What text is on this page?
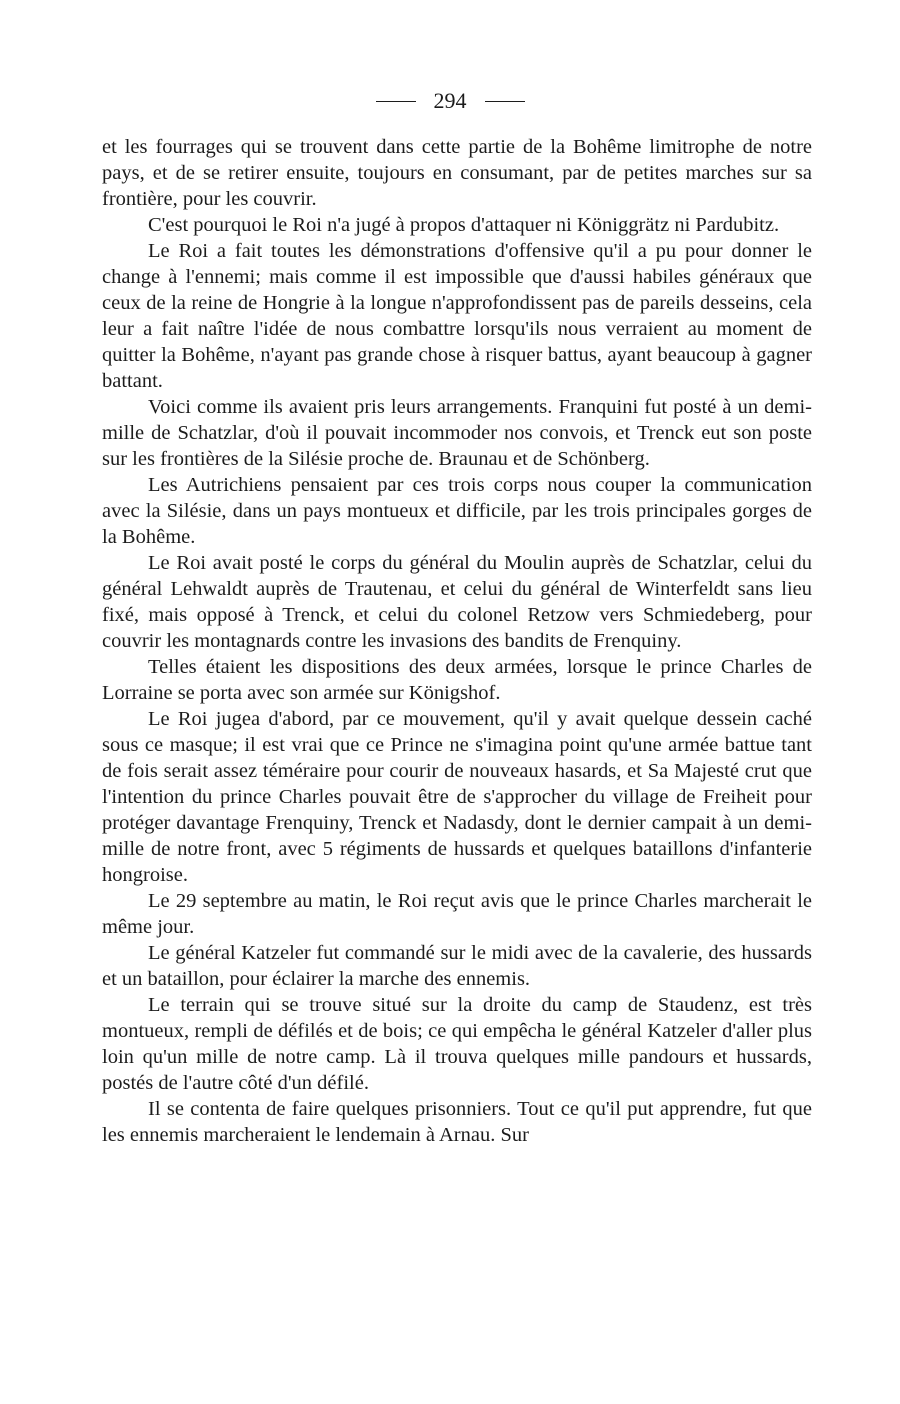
294

et les fourrages qui se trouvent dans cette partie de la Bohême limitrophe de notre pays, et de se retirer ensuite, toujours en consumant, par de petites marches sur sa frontière, pour les couvrir.

C'est pourquoi le Roi n'a jugé à propos d'attaquer ni Königgrätz ni Pardubitz.

Le Roi a fait toutes les démonstrations d'offensive qu'il a pu pour donner le change à l'ennemi; mais comme il est impossible que d'aussi habiles généraux que ceux de la reine de Hongrie à la longue n'approfondissent pas de pareils desseins, cela leur a fait naître l'idée de nous combattre lorsqu'ils nous verraient au moment de quitter la Bohême, n'ayant pas grande chose à risquer battus, ayant beaucoup à gagner battant.

Voici comme ils avaient pris leurs arrangements. Franquini fut posté à un demi-mille de Schatzlar, d'où il pouvait incommoder nos convois, et Trenck eut son poste sur les frontières de la Silésie proche de. Braunau et de Schönberg.

Les Autrichiens pensaient par ces trois corps nous couper la communication avec la Silésie, dans un pays montueux et difficile, par les trois principales gorges de la Bohême.

Le Roi avait posté le corps du général du Moulin auprès de Schatzlar, celui du général Lehwaldt auprès de Trautenau, et celui du général de Winterfeldt sans lieu fixé, mais opposé à Trenck, et celui du colonel Retzow vers Schmiedeberg, pour couvrir les montagnards contre les invasions des bandits de Frenquiny.

Telles étaient les dispositions des deux armées, lorsque le prince Charles de Lorraine se porta avec son armée sur Königshof.

Le Roi jugea d'abord, par ce mouvement, qu'il y avait quelque dessein caché sous ce masque; il est vrai que ce Prince ne s'imagina point qu'une armée battue tant de fois serait assez téméraire pour courir de nouveaux hasards, et Sa Majesté crut que l'intention du prince Charles pouvait être de s'approcher du village de Freiheit pour protéger davantage Frenquiny, Trenck et Nadasdy, dont le dernier campait à un demi-mille de notre front, avec 5 régiments de hussards et quelques bataillons d'infanterie hongroise.

Le 29 septembre au matin, le Roi reçut avis que le prince Charles marcherait le même jour.

Le général Katzeler fut commandé sur le midi avec de la cavalerie, des hussards et un bataillon, pour éclairer la marche des ennemis.

Le terrain qui se trouve situé sur la droite du camp de Staudenz, est très montueux, rempli de défilés et de bois; ce qui empêcha le général Katzeler d'aller plus loin qu'un mille de notre camp. Là il trouva quelques mille pandours et hussards, postés de l'autre côté d'un défilé.

Il se contenta de faire quelques prisonniers. Tout ce qu'il put apprendre, fut que les ennemis marcheraient le lendemain à Arnau. Sur
